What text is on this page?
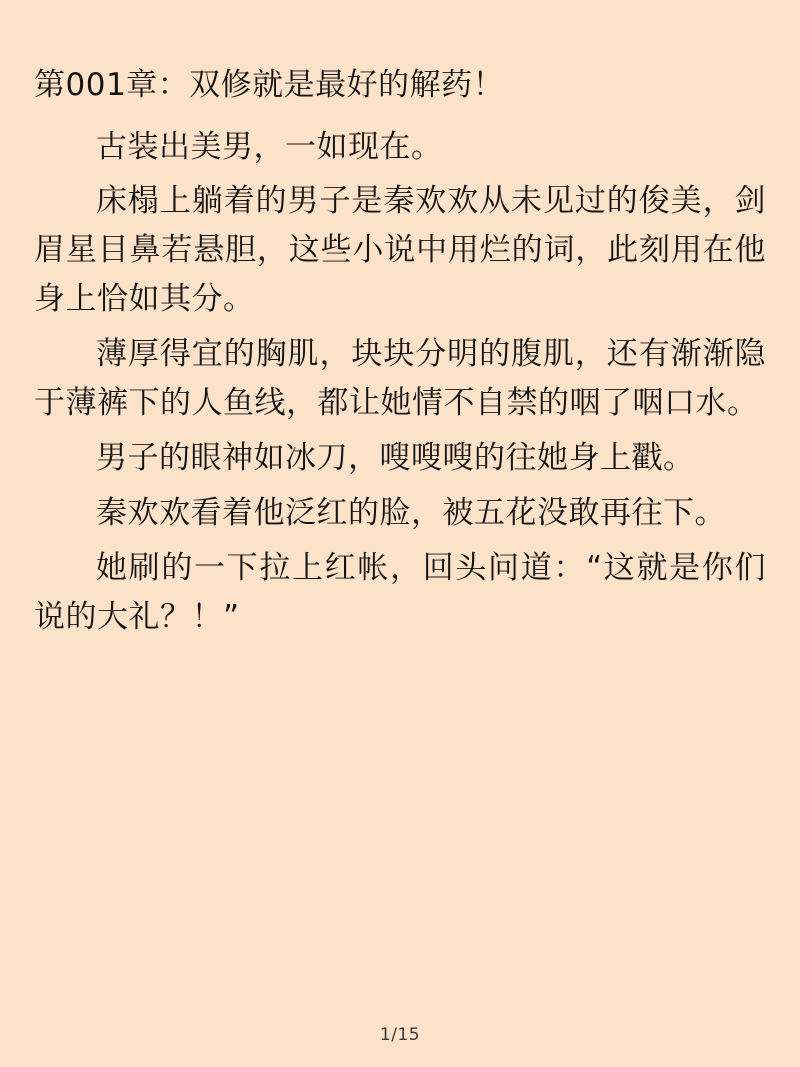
第001章：双修就是最好的解药！

古装出美男，一如现在。

床榻上躺着的男子是秦欢欢从未见过的俊美，剑眉星目鼻若悬胆，这些小说中用烂的词，此刻用在他身上恰如其分。

薄厚得宜的胸肌，块块分明的腹肌，还有渐渐隐于薄裤下的人鱼线，都让她情不自禁的咽了咽口水。

男子的眼神如冰刀，嗖嗖嗖的往她身上戳。

秦欢欢看着他泛红的脸，被五花没敢再往下。

她刷的一下拉上红帐，回头问道：“这就是你们说的大礼？！”

1/15
